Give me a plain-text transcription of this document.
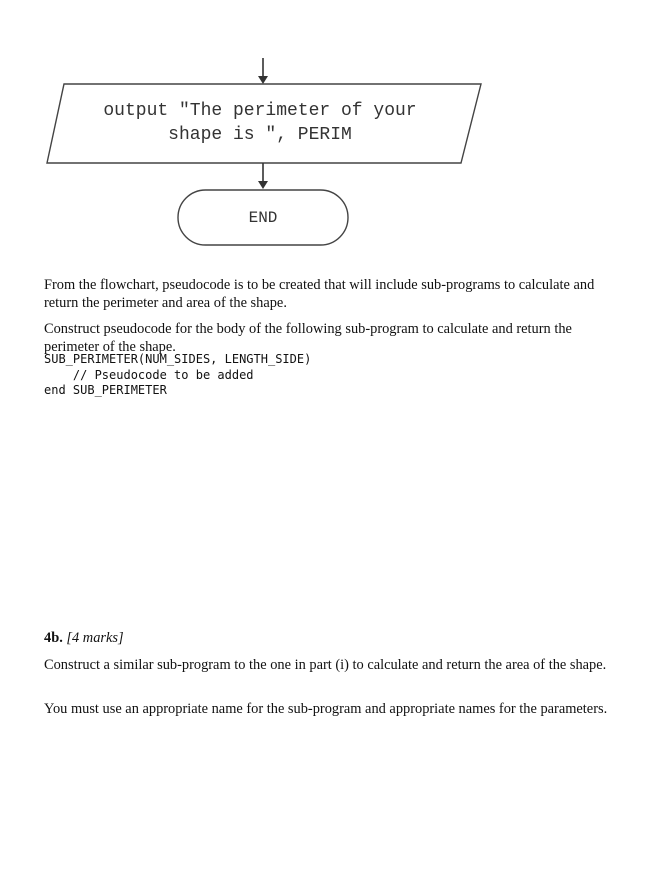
output "The perimeter of your

shape is ", PERIM

END

From the flowchart, pseudocode is to be created that will include sub-programs to calculate and return the perimeter and area of the shape.

Construct pseudocode for the body of the following sub-program to calculate and return the perimeter of the shape.

SUB_PERIMETER(NUM_SIDES, LENGTH_SIDE)
// Pseudocode to be added
end SUB_PERIMETER

4b. [4 marks]

Construct a similar sub-program to the one in part (i) to calculate and return the area of the shape.

You must use an appropriate name for the sub-program and appropriate names for the parameters.
